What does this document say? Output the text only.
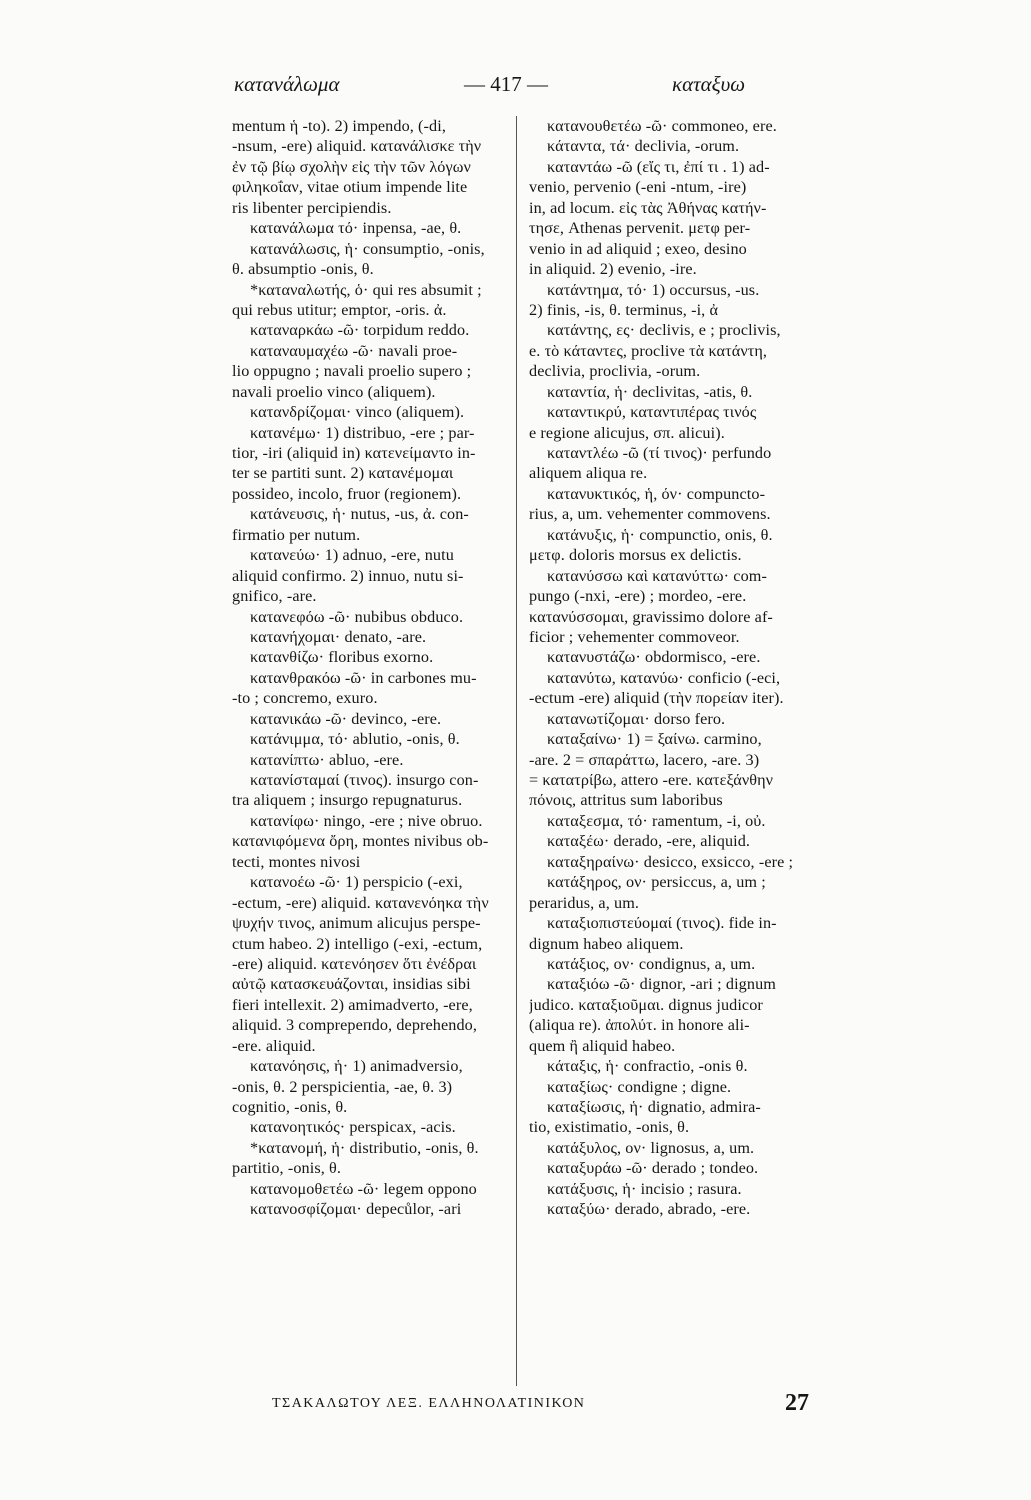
κατανάλωμα	— 417 —	καταξυω
mentum ἡ -to). 2) impendo, (-di,
-nsum, -ere) aliquid. κατανάλισκε τὴν
ἐν τῷ βίῳ σχολὴν εἰς τὴν τῶν λόγων
φιληκοΐαν, vitae otium impende lite
ris libenter percipiendis.
κατανάλωμα τό· inpensa, -ae, θ.
κατανάλωσις, ἡ· consumptio, -onis,
θ. absumptio -onis, θ.
*καταναλωτής, ὁ· qui res absumit ;
qui rebus utitur; emptor, -oris. ἀ.
καταναρκάω -ῶ· torpidum reddo.
καταναυμαχέω -ῶ· navali proe-
lio oppugno ; navali proelio supero ;
navali proelio vinco (aliquem).
κατανδρίζομαι· vinco (aliquem).
κατανέμω· 1) distribuo, -ere ; par-
tior, -iri (aliquid in) κατενείμαντο in-
ter se partiti sunt. 2) κατανέμομαι
possideo, incolo, fruor (regionem).
κατάνευσις, ἡ· nutus, -us, ἀ. con-
firmatio per nutum.
κατανεύω· 1) adnuo, -ere, nutu
aliquid confirmo. 2) innuo, nutu si-
gnifico, -are.
κατανεφόω -ῶ· nubibus obduco.
κατανήχομαι· denato, -are.
κατανθίζω· floribus exorno.
κατανθρακόω -ῶ· in carbones mu-
-to ; concremo, exuro.
κατανικάω -ῶ· devinco, -ere.
κατάνιμμα, τό· ablutio, -onis, θ.
κατανίπτω· abluo, -ere.
κατανίσταμαί (τινος). insurgo con-
tra aliquem ; insurgo repugnaturus.
κατανίφω· ningo, -ere ; nive obruo.
κατανιφόμενα ὄρη, montes nivibus ob-
tecti, montes nivosi
κατανοέω -ῶ· 1) perspicio (-exi,
-ectum, -ere) aliquid. κατανενόηκα τὴν
ψυχήν τινος, animum alicujus perspe-
ctum habeo. 2) intelligo (-exi, -ectum,
-ere) aliquid. κατενόησεν ὅτι ἐνέδραι
αὐτῷ κατασκευάζονται, insidias sibi
fieri intellexit. 2) amimadverto, -ere,
aliquid. 3 comprepeпdo, deprehendo,
-ere. aliquid.
κατανόησις, ἡ· 1) animadversio,
-onis, θ. 2 perspicientia, -ae, θ. 3)
cognitio, -onis, θ.
κατανοητικός· perspicax, -acis.
*κατανομή, ἡ· distributio, -onis, θ.
partitio, -onis, θ.
κατανομοθετέω -ῶ· legem oppono
κατανοσφίζομαι· depecůlor, -ari
κατανουθετέω -ῶ· commoneo, ere.
κάταντα, τά· declivia, -orum.
καταντάω -ῶ (εἴς τι, ἐπί τι . 1) ad-
venio, pervenio (-eni -ntum, -ire)
in, ad locum. εἰς τὰς Ἀθήνας κατήν-
τησε, Athenas pervenit. μετφ per-
venio in ad aliquid ; exeo, desino
in aliquid. 2) evenio, -ire.
κατάντημα, τό· 1) occursus, -us.
2) finis, -is, θ. terminus, -i, ἀ
κατάντης, ες· declivis, e ; proclivis,
e. τὸ κάταντες, proclive τὰ κατάντη,
declivia, proclivia, -orum.
καταντία, ἡ· declivitas, -atis, θ.
καταντικρύ, καταντιπέρας τινός
e regione alicujus, σπ. alicui).
καταντλέω -ῶ (τί τινος)· perfundo
aliquem aliqua re.
κατανυκτικός, ἡ, όν· compuncto-
rius, a, um. vehementer commovens.
κατάνυξις, ἡ· compunctio, onis, θ.
μετφ. doloris morsus ex delictis.
κατανύσσω καὶ κατανύττω· com-
pungo (-nxi, -ere) ; mordeo, -ere.
κατανύσσομαι, gravissimo dolore af-
ficior ; vehementer commoveor.
κατανυστάζω· obdormisco, -ere.
κατανύτω, κατανύω· conficio (-eci,
-ectum -ere) aliquid (τὴν πορείαν iter).
κατανωτίζομαι· dorso fero.
καταξαίνω· 1) = ξαίνω. carmino,
-are. 2 = σπαράττω, lacero, -are. 3)
= κατατρίβω, attero -ere. κατεξάνθην
πόνοις, attritus sum laboribus
καταξεσμα, τό· ramentum, -i, οὐ.
καταξέω· derado, -ere, aliquid.
καταξηραίνω· desicco, exsicco, -ere ;
κατάξηρος, ον· persiccus, a, um ;
peraridus, a, um.
καταξιοπιστεύομαί (τινος). fide in-
dignum habeo aliquem.
κατάξιος, ον· condignus, a, um.
καταξιόω -ῶ· dignor, -ari ; dignum
judico. καταξιοῦμαι. dignus judicor
(aliqua re). ἀπολύτ. in honore ali-
quem ἢ aliquid habeo.
κάταξις, ἡ· confractio, -onis θ.
καταξίως· condigne ; digne.
καταξίωσις, ἡ· dignatio, admira-
tio, existimatio, -onis, θ.
κατάξυλος, ον· lignosus, a, um.
καταξυράω -ῶ· derado ; tondeo.
κατάξυσις, ἡ· incisio ; rasura.
καταξύω· derado, abrado, -ere.
ΤΣΑΚΑΛΩΤΟΥ ΛΕΞ. ΕΛΛΗΝΟΛΑΤΙΝΙΚΟΝ	27
